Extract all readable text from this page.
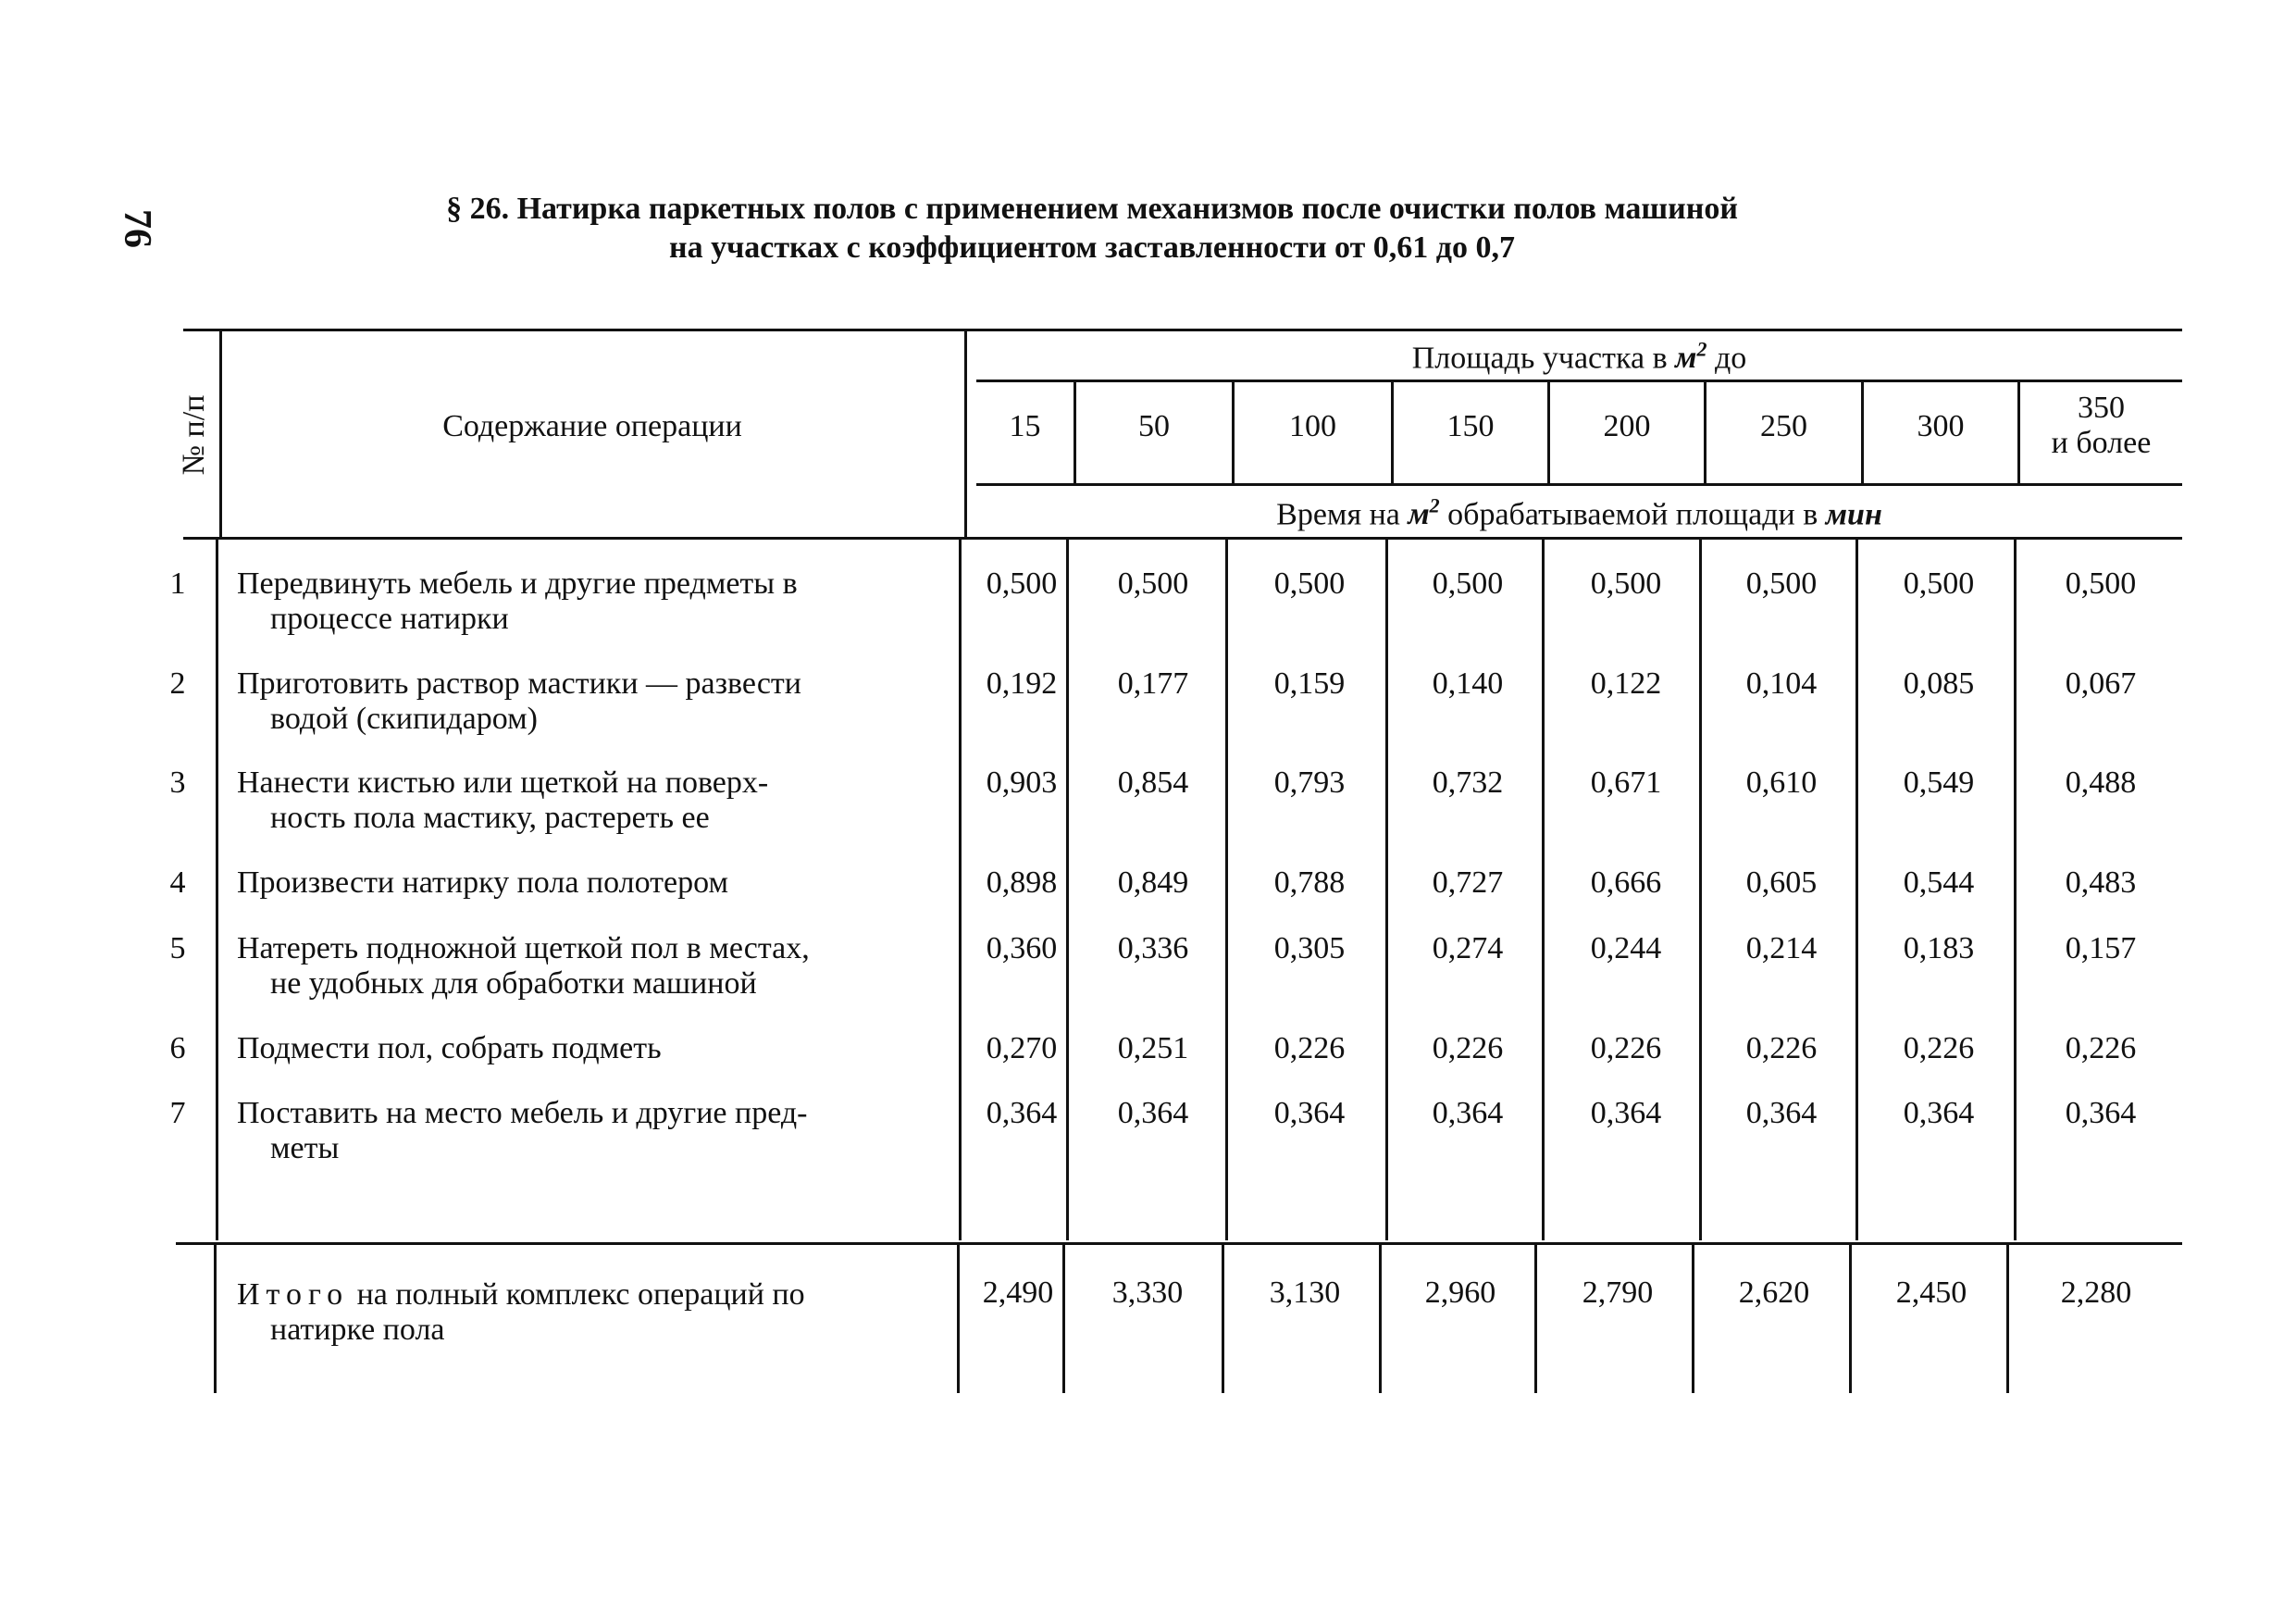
76
§ 26. Натирка паркетных полов с применением механизмов после очистки полов машиной
на участках с коэффициентом заставленности от 0,61 до 0,7
№ п/п	Содержание операции
Площадь участка в $м^2$ до
15	50	100	150	200	250	300
350
и более
Время на $м^2$ обрабатываемой площади в мин
1	Передвинуть мебель и другие предметы в
процессе натирки
0,500	0,500	0,500	0,500	0,500	0,500	0,500	0,500
2	Приготовить раствор мастики — развести
водой (скипидаром)
0,192	0,177	0,159	0,140	0,122	0,104	0,085	0,067
3	Нанести кистью или щеткой на поверх-
ность пола мастику, растереть ее
0,903	0,854	0,793	0,732	0,671	0,610	0,549	0,488
4	Произвести натирку пола полотером	0,898	0,849	0,788	0,727	0,666	0,605	0,544	0,483
5	Натереть подножной щеткой пол в местах,
не удобных для обработки машиной
0,360	0,336	0,305	0,274	0,244	0,214	0,183	0,157
6	Подмести пол, собрать подметь	0,270	0,251	0,226	0,226	0,226	0,226	0,226	0,226
7	Поставить на место мебель и другие пред-
меты
0,364	0,364	0,364	0,364	0,364	0,364	0,364	0,364
Итого на полный комплекс операций по
натирке пола
2,490	3,330	3,130	2,960	2,790	2,620	2,450	2,280
